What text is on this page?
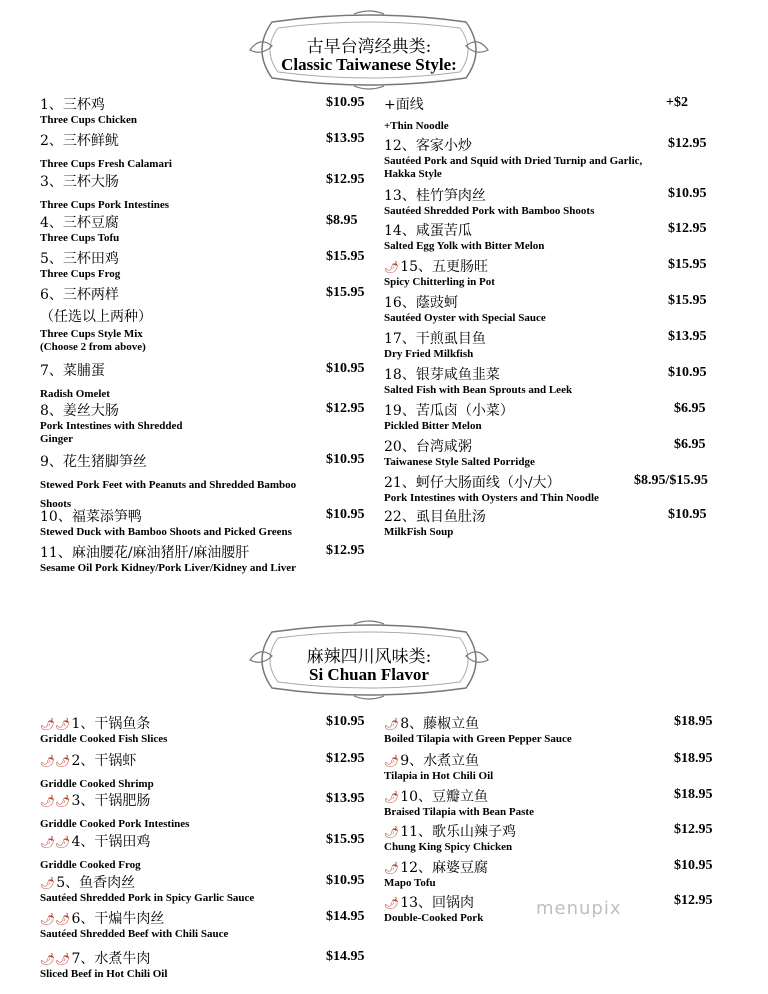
古早台湾经典类:
Classic Taiwanese Style:
麻辣四川风味类:
Si Chuan Flavor
1、三杯鸡
Three Cups Chicken
$10.95
2、三杯鲜鱿
Three Cups Fresh Calamari
$13.95
3、三杯大肠
Three Cups Pork Intestines
$12.95
4、三杯豆腐
Three Cups Tofu
$8.95
5、三杯田鸡
Three Cups Frog
$15.95
6、三杯两样
（任选以上两种）
Three Cups Style Mix
(Choose 2 from above)
$15.95
7、菜脯蛋
Radish Omelet
$10.95
8、姜丝大肠
Pork Intestines with Shredded
Ginger
$12.95
9、花生猪脚笋丝
Stewed Pork Feet with Peanuts and Shredded Bamboo
Shoots
$10.95
10、福菜添笋鸭
Stewed Duck with Bamboo Shoots and Picked Greens
$10.95
11、麻油腰花/麻油猪肝/麻油腰肝
Sesame Oil Pork Kidney/Pork Liver/Kidney and Liver
$12.95
+面线
+Thin Noodle
+$2
12、客家小炒
Sautéed Pork and Squid with Dried Turnip and Garlic,
Hakka Style
$12.95
13、桂竹笋肉丝
Sautéed Shredded Pork with Bamboo Shoots
$10.95
14、咸蛋苦瓜
Salted Egg Yolk with Bitter Melon
$12.95
🌶15、五更肠旺
Spicy Chitterling in Pot
$15.95
16、蔭豉蚵
Sautéed Oyster with Special Sauce
$15.95
17、干煎虱目鱼
Dry Fried Milkfish
$13.95
18、银芽咸鱼韭菜
Salted Fish with Bean Sprouts and Leek
$10.95
19、苦瓜卤（小菜）
Pickled Bitter Melon
$6.95
20、台湾咸粥
Taiwanese Style Salted Porridge
$6.95
21、蚵仔大肠面线（小/大）
Pork Intestines with Oysters and Thin Noodle
$8.95/$15.95
22、虱目鱼肚汤
MilkFish Soup
$10.95
🌶🌶1、干锅鱼条
Griddle Cooked Fish Slices
$10.95
🌶🌶2、干锅虾
Griddle Cooked Shrimp
$12.95
🌶🌶3、干锅肥肠
Griddle Cooked Pork Intestines
$13.95
🌶🌶4、干锅田鸡
Griddle Cooked Frog
$15.95
🌶5、鱼香肉丝
Sautéed Shredded Pork in Spicy Garlic Sauce
$10.95
🌶🌶6、干煸牛肉丝
Sautéed Shredded Beef with Chili Sauce
$14.95
🌶🌶7、水煮牛肉
Sliced Beef in Hot Chili Oil
$14.95
🌶8、藤椒立鱼
Boiled Tilapia with Green Pepper Sauce
$18.95
🌶9、水煮立鱼
Tilapia in Hot Chili Oil
$18.95
🌶10、豆瓣立鱼
Braised Tilapia with Bean Paste
$18.95
🌶11、歌乐山辣子鸡
Chung King Spicy Chicken
$12.95
🌶12、麻婆豆腐
Mapo Tofu
$10.95
🌶13、回锅肉
Double-Cooked Pork
$12.95
menupix
